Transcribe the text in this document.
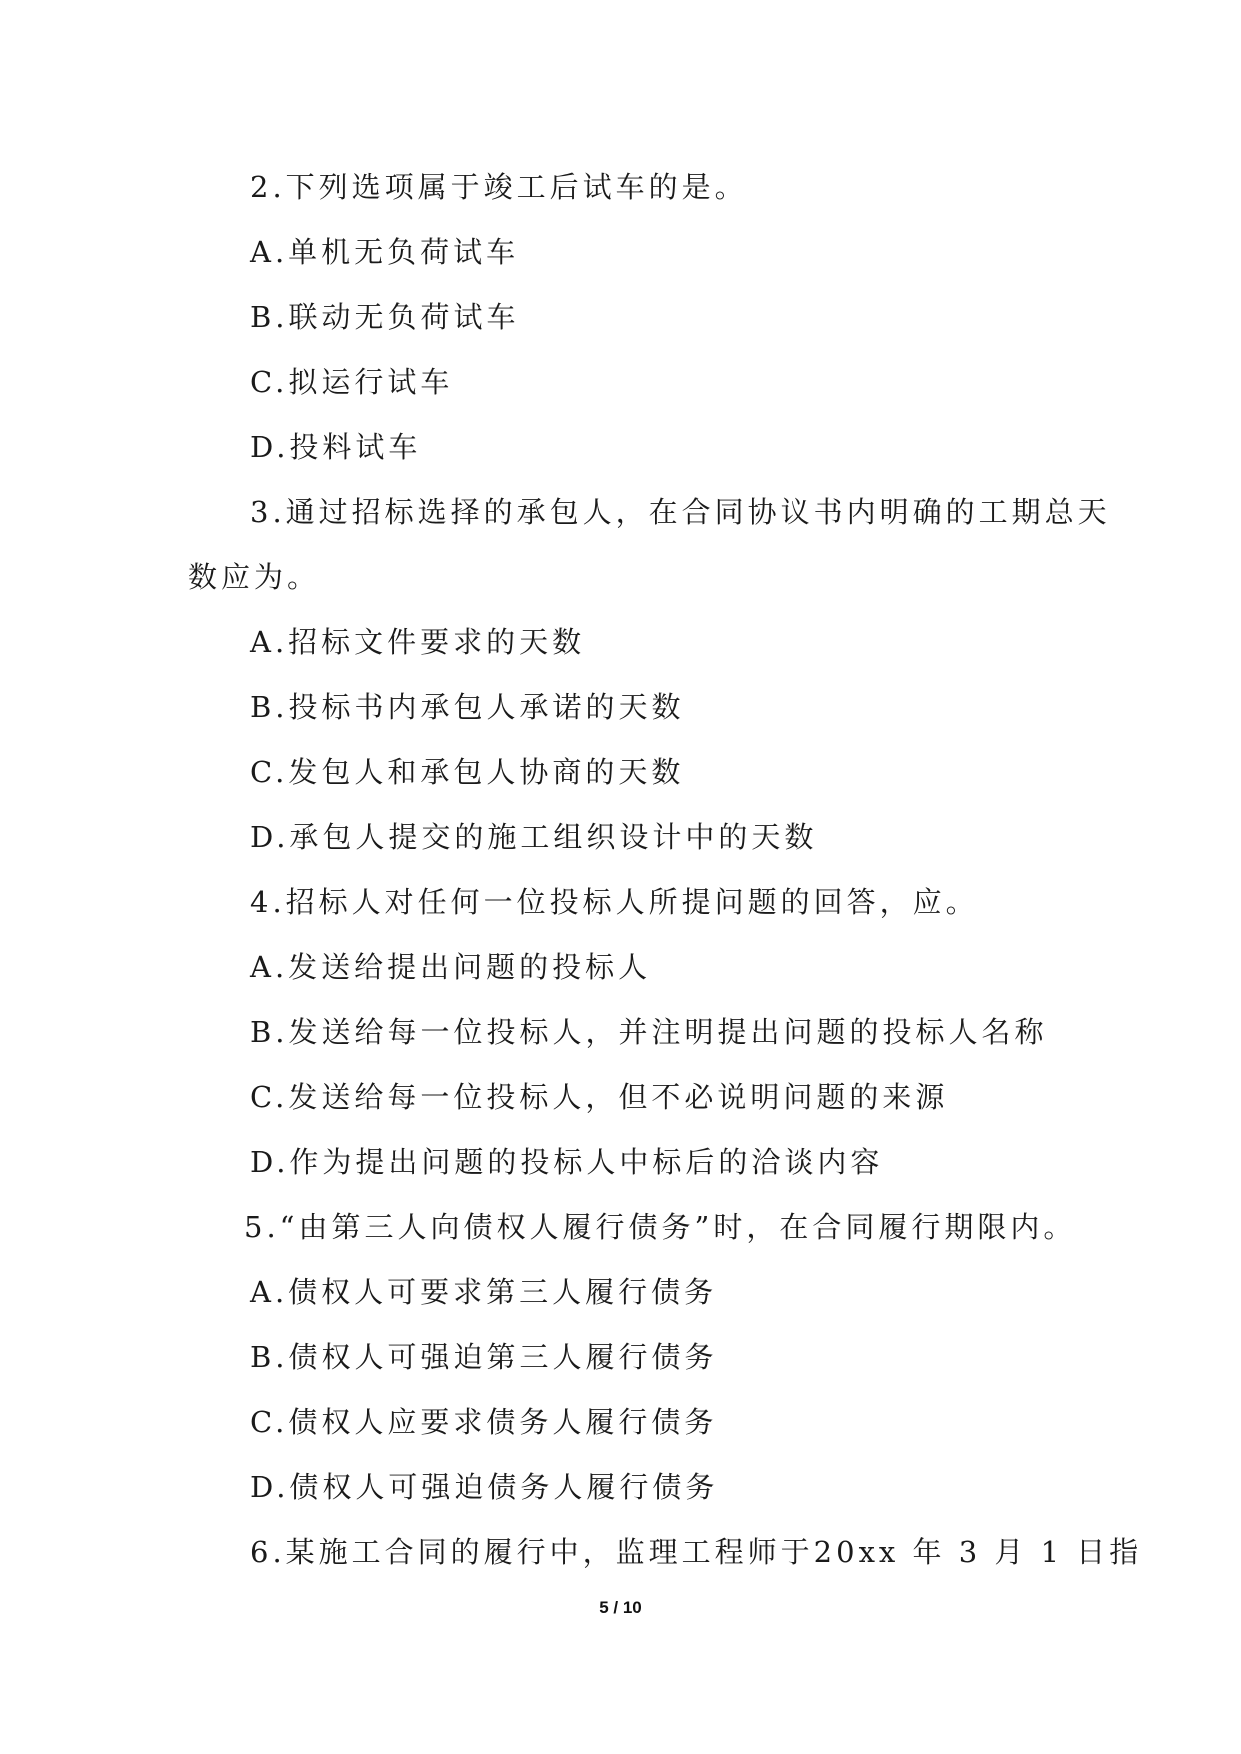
2.下列选项属于竣工后试车的是。
A.单机无负荷试车
B.联动无负荷试车
C.拟运行试车
D.投料试车
3.通过招标选择的承包人，在合同协议书内明确的工期总天
数应为。
A.招标文件要求的天数
B.投标书内承包人承诺的天数
C.发包人和承包人协商的天数
D.承包人提交的施工组织设计中的天数
4.招标人对任何一位投标人所提问题的回答，应。
A.发送给提出问题的投标人
B.发送给每一位投标人，并注明提出问题的投标人名称
C.发送给每一位投标人，但不必说明问题的来源
D.作为提出问题的投标人中标后的洽谈内容
5.“由第三人向债权人履行债务”时，在合同履行期限内。
A.债权人可要求第三人履行债务
B.债权人可强迫第三人履行债务
C.债权人应要求债务人履行债务
D.债权人可强迫债务人履行债务
6.某施工合同的履行中，监理工程师于20xx 年 3 月 1 日指
5 / 10
